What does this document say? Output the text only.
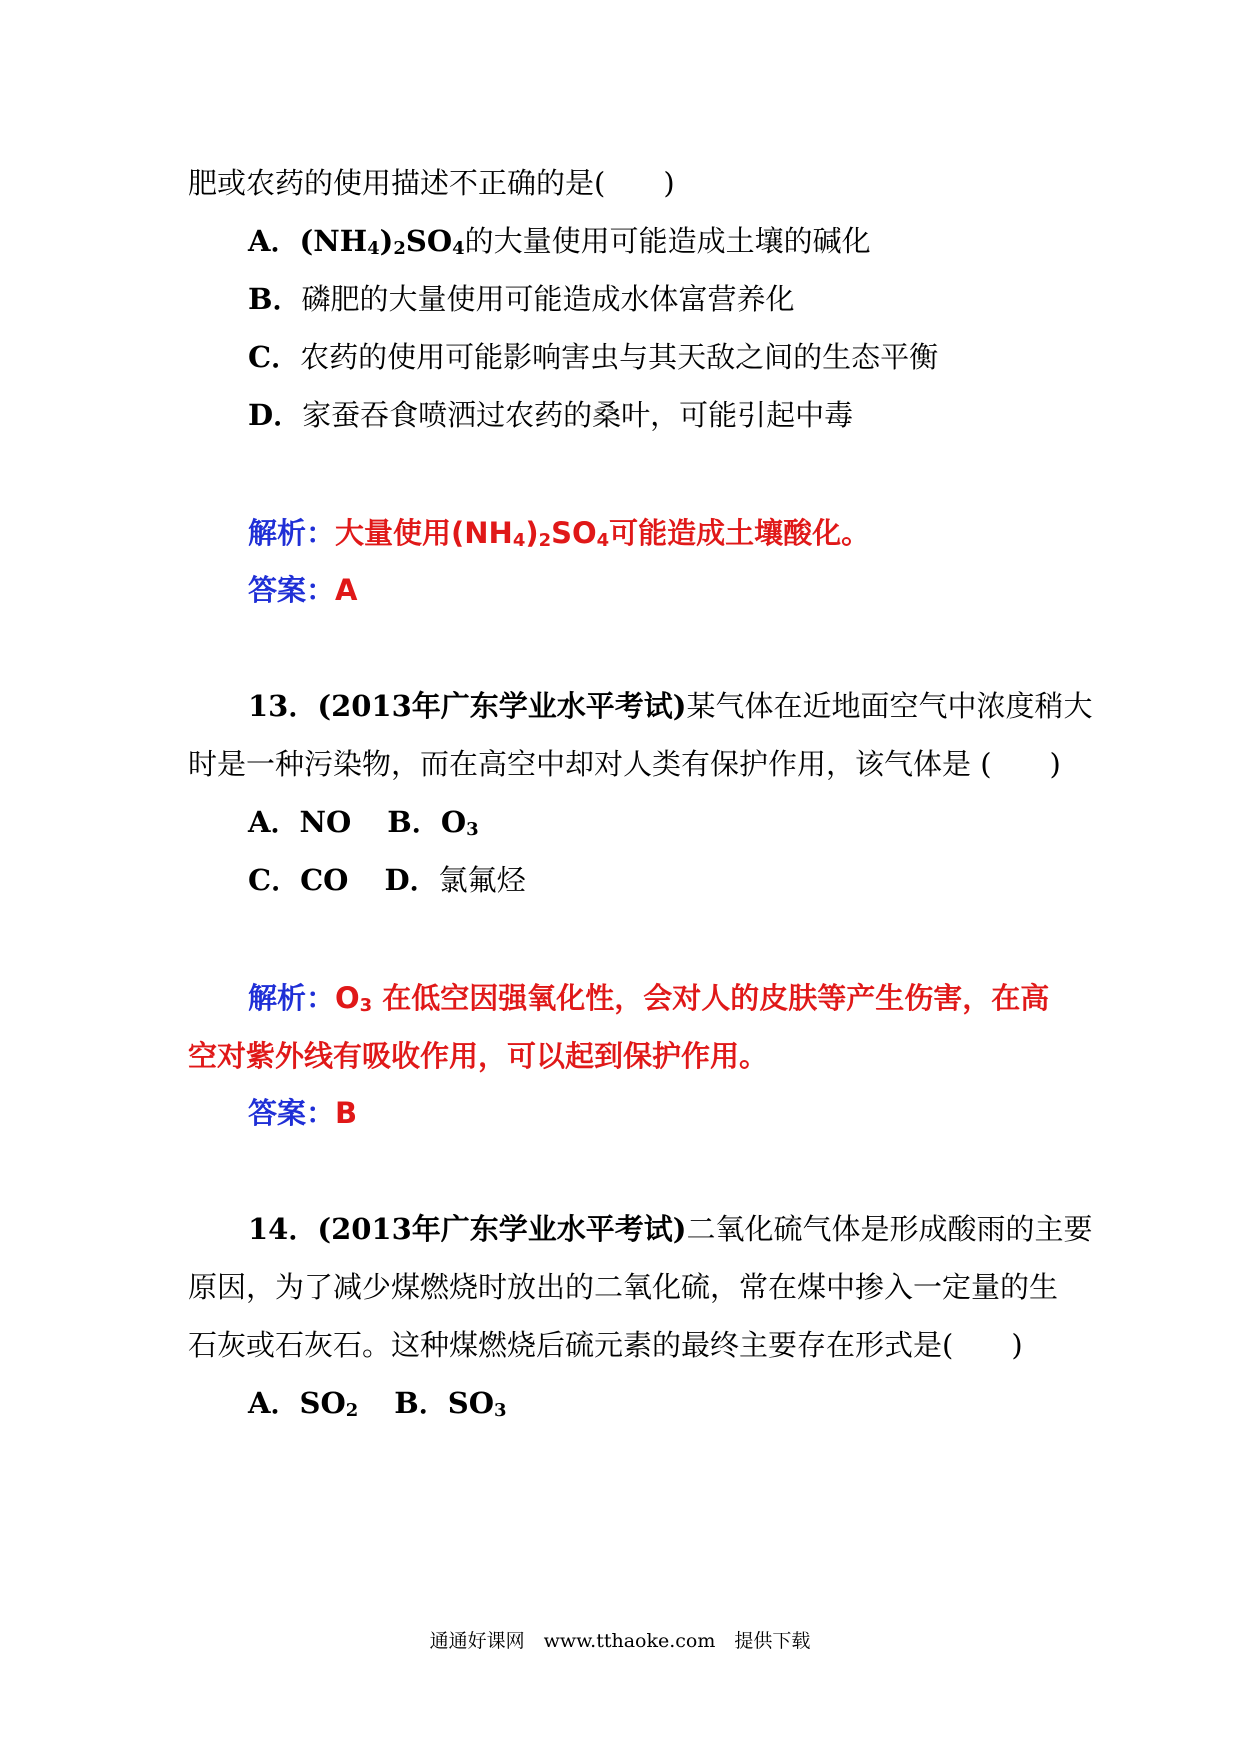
肥或农药的使用描述不正确的是(　　)
A．$(NH_4)_2SO_4$的大量使用可能造成土壤的碱化
B．磷肥的大量使用可能造成水体富营养化
C．农药的使用可能影响害虫与其天敌之间的生态平衡
D．家蚕吞食喷洒过农药的桑叶，可能引起中毒
解析：大量使用$(NH_4)_2SO_4$可能造成土壤酸化。
答案：A
13．(2013年广东学业水平考试)某气体在近地面空气中浓度稍大
时是一种污染物，而在高空中却对人类有保护作用，该气体是 (　　)
A．NO B．$O_3$
C．CO D．氯氟烃
解析：$O_3$ 在低空因强氧化性，会对人的皮肤等产生伤害，在高
空对紫外线有吸收作用，可以起到保护作用。
答案：B
14．(2013年广东学业水平考试)二氧化硫气体是形成酸雨的主要
原因，为了减少煤燃烧时放出的二氧化硫，常在煤中掺入一定量的生
石灰或石灰石。这种煤燃烧后硫元素的最终主要存在形式是(　　)
A．$SO_2$ B．$SO_3$
通通好课网　www.tthaoke.com　提供下载
